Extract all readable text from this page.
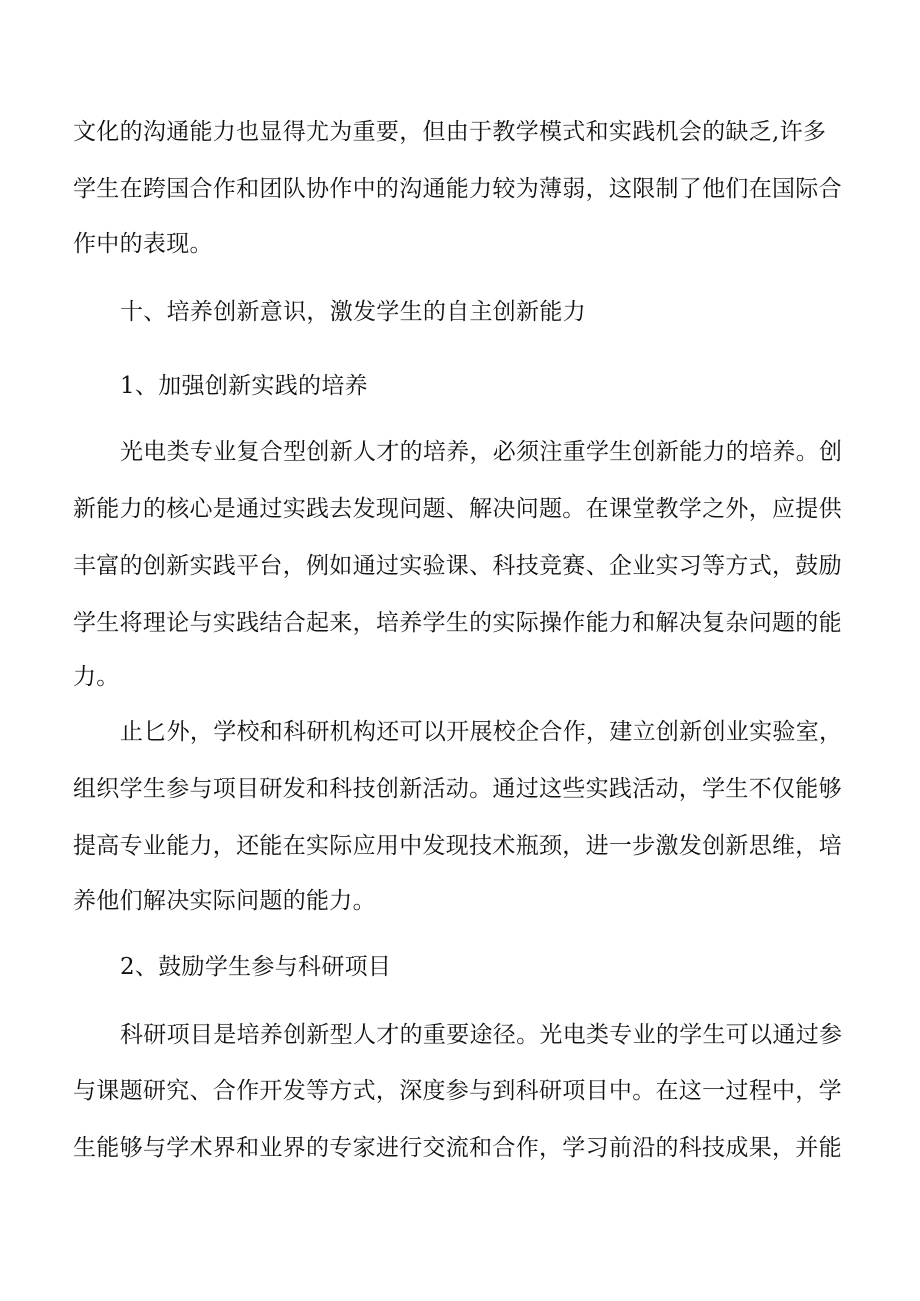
文化的沟通能力也显得尤为重要，但由于教学模式和实践机会的缺乏,许多
学生在跨国合作和团队协作中的沟通能力较为薄弱，这限制了他们在国际合
作中的表现。
十、培养创新意识，激发学生的自主创新能力
1、加强创新实践的培养
光电类专业复合型创新人才的培养，必须注重学生创新能力的培养。创
新能力的核心是通过实践去发现问题、解决问题。在课堂教学之外，应提供
丰富的创新实践平台，例如通过实验课、科技竞赛、企业实习等方式，鼓励
学生将理论与实践结合起来，培养学生的实际操作能力和解决复杂问题的能
力。
止匕外，学校和科研机构还可以开展校企合作，建立创新创业实验室，
组织学生参与项目研发和科技创新活动。通过这些实践活动，学生不仅能够
提高专业能力，还能在实际应用中发现技术瓶颈，进一步激发创新思维，培
养他们解决实际问题的能力。
2、鼓励学生参与科研项目
科研项目是培养创新型人才的重要途径。光电类专业的学生可以通过参
与课题研究、合作开发等方式，深度参与到科研项目中。在这一过程中，学
生能够与学术界和业界的专家进行交流和合作，学习前沿的科技成果，并能
